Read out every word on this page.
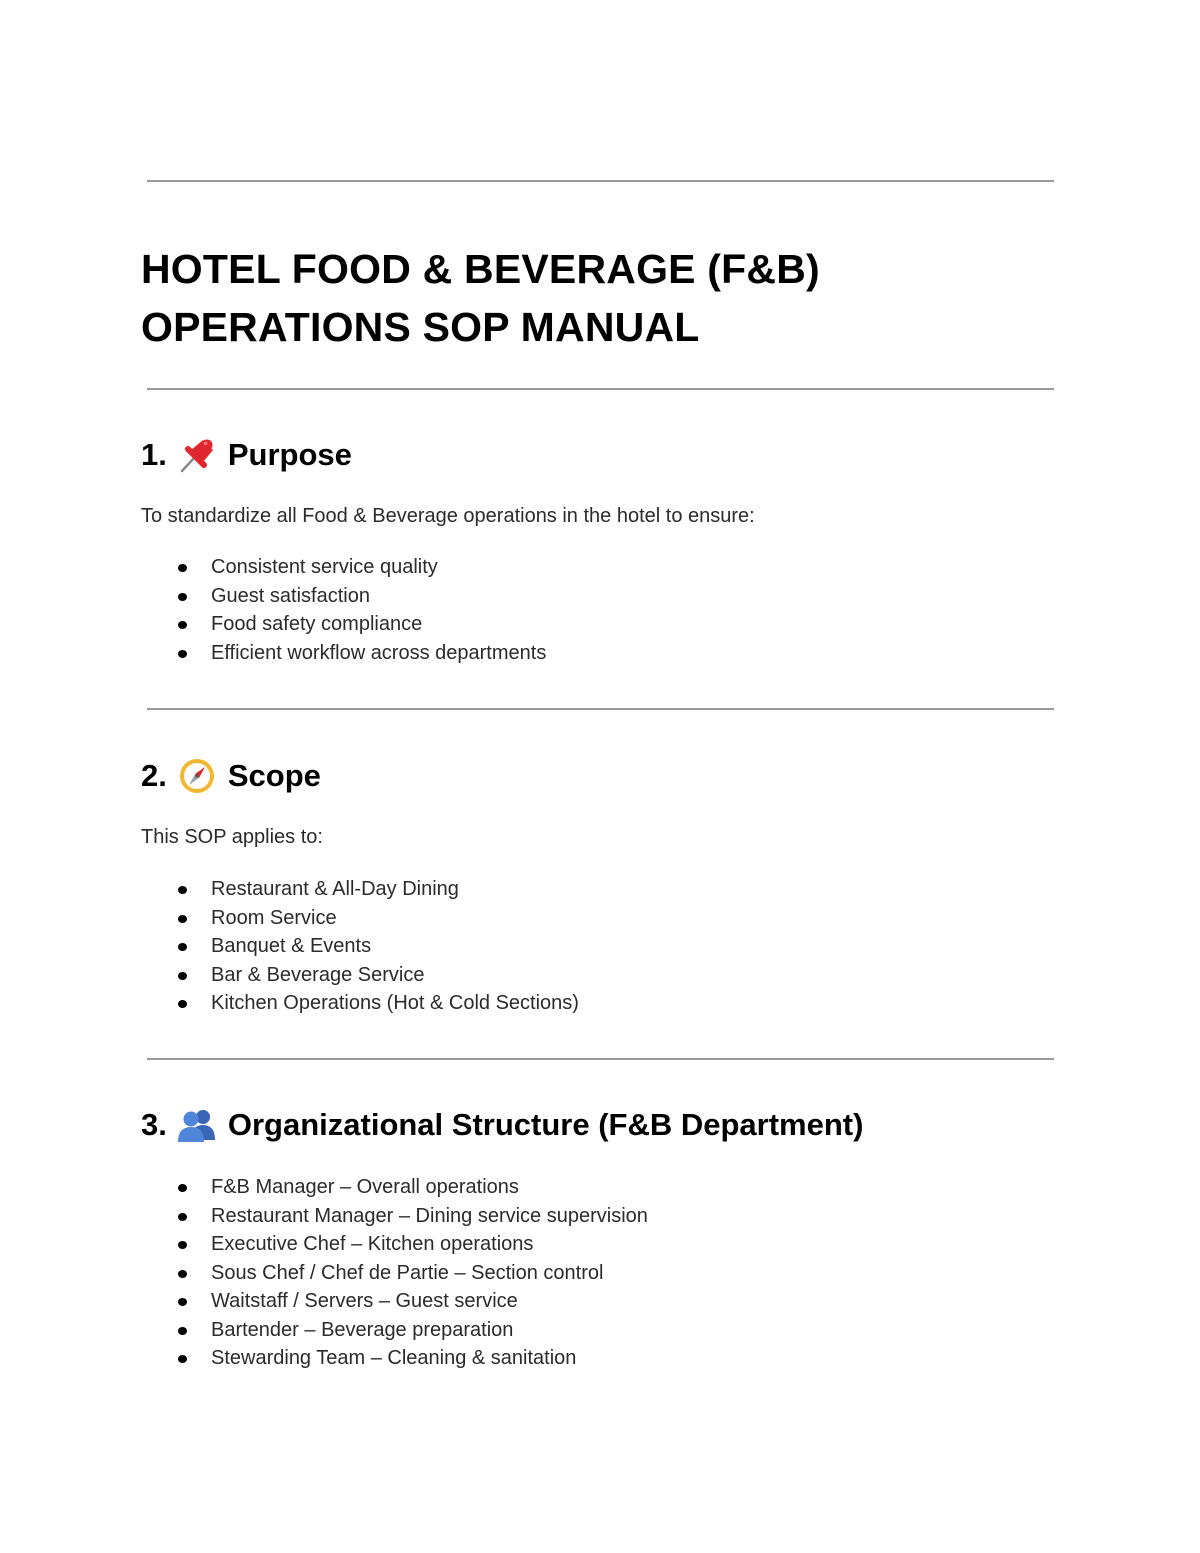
HOTEL FOOD & BEVERAGE (F&B)
OPERATIONS SOP MANUAL
1. Purpose

To standardize all Food & Beverage operations in the hotel to ensure:

Consistent service quality
Guest satisfaction
Food safety compliance
Efficient workflow across departments
2. Scope

This SOP applies to:

Restaurant & All-Day Dining
Room Service
Banquet & Events
Bar & Beverage Service
Kitchen Operations (Hot & Cold Sections)
3. Organizational Structure (F&B Department)
F&B Manager – Overall operations
Restaurant Manager – Dining service supervision
Executive Chef – Kitchen operations
Sous Chef / Chef de Partie – Section control
Waitstaff / Servers – Guest service
Bartender – Beverage preparation
Stewarding Team – Cleaning & sanitation
